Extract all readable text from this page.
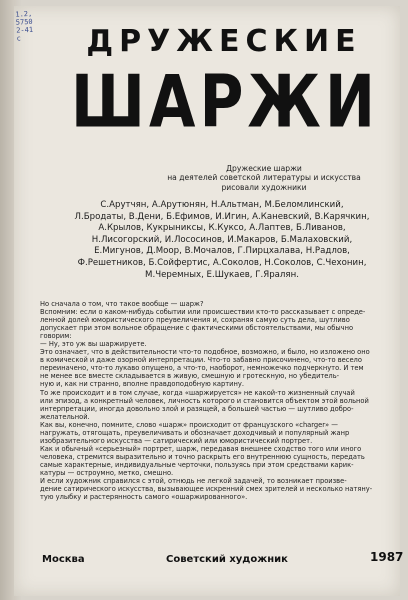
1.2, 5750
2-41
с	ДРУЖЕСКИЕ
ШАРЖИ
Дружеские шаржи
на деятелей советской литературы и искусства
рисовали художники
С.Арутчян, А.Арутюнян, Н.Альтман, М.Беломлинский,
Л.Бродаты, В.Дени, Б.Ефимов, И.Игин, А.Каневский, В.Карячкин,
А.Крылов, Кукрыниксы, К.Куксо, А.Лаптев, Б.Ливанов,
Н.Лисогорский, И.Лососинов, И.Макаров, Б.Малаховский,
Е.Мигунов, Д.Моор, В.Мочалов, Г.Пирцхалава, Н.Радлов,
Ф.Решетников, Б.Сойфертис, А.Соколов, Н.Соколов, С.Чехонин,
М.Черемных, Е.Шукаев, Г.Яралян.
Но сначала о том, что такое вообще — шарж?
Вспомним: если о каком-нибудь событии или происшествии кто-то рассказывает с опреде-
ленной долей юмористического преувеличения и, сохраняя самую суть дела, шутливо
допускает при этом вольное обращение с фактическими обстоятельствами, мы обычно
говорим:
— Ну, это уж вы шаржируете.
Это означает, что в действительности что-то подобное, возможно, и было, но изложено оно
в комической и даже озорной интерпретации. Что-то забавно присочинено, что-то весело
переиначено, что-то лукаво опущено, а что-то, наоборот, немножечко подчеркнуто. И тем
не менее все вместе складывается в живую, смешную и гротескную, но убедитель-
ную и, как ни странно, вполне правдоподобную картину.
То же происходит и в том случае, когда «шаржируется» не какой-то жизненный случай
или эпизод, а конкретный человек, личность которого и становится объектом этой вольной
интерпретации, иногда довольно злой и разящей, а большей частью — шутливо добро-
желательной.
Как вы, конечно, помните, слово «шарж» происходит от французского «charger» —
нагружать, отягощать, преувеличивать и обозначает доходчивый и популярный жанр
изобразительного искусства — сатирический или юмористический портрет.
Как и обычный «серьезный» портрет, шарж, передавая внешнее сходство того или иного
человека, стремится выразительно и точно раскрыть его внутреннюю сущность, передать
самые характерные, индивидуальные черточки, пользуясь при этом средствами карик-
катуры — остроумно, метко, смешно.
И если художник справился с этой, отнюдь не легкой задачей, то возникает произве-
дение сатирического искусства, вызывающее искренний смех зрителей и несколько натяну-
тую улыбку и растерянность самого «ошаржированного».
Москва	Советский художник	1987
